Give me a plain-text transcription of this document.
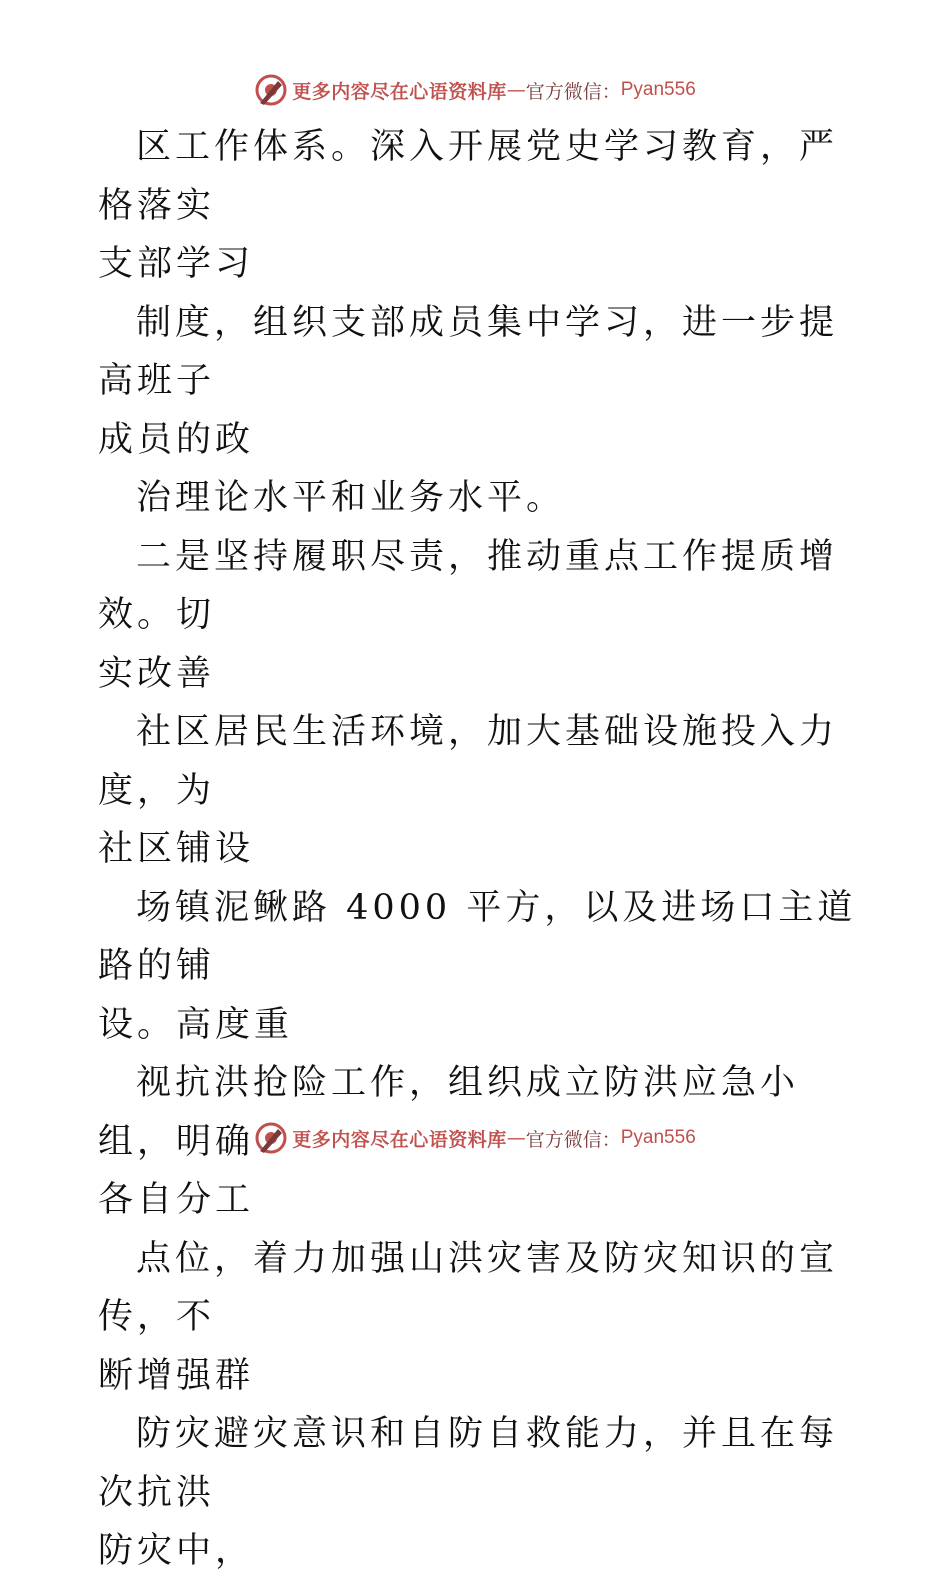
更多内容尽在心语资料库 — 官方微信： Pyan556

区工作体系。深入开展党史学习教育，严格落实
支部学习

制度，组织支部成员集中学习，进一步提高班子
成员的政

治理论水平和业务水平。

二是坚持履职尽责，推动重点工作提质增效。切
实改善

社区居民生活环境，加大基础设施投入力度，为
社区铺设

场镇泥鳅路 4000 平方，以及进场口主道路的铺
设。高度重

视抗洪抢险工作，组织成立防洪应急小组，明确
各自分工

点位，着力加强山洪灾害及防灾知识的宣传，不
断增强群

防灾避灾意识和自防自救能力，并且在每次抗洪
防灾中，

更多内容尽在心语资料库 — 官方微信： Pyan556
